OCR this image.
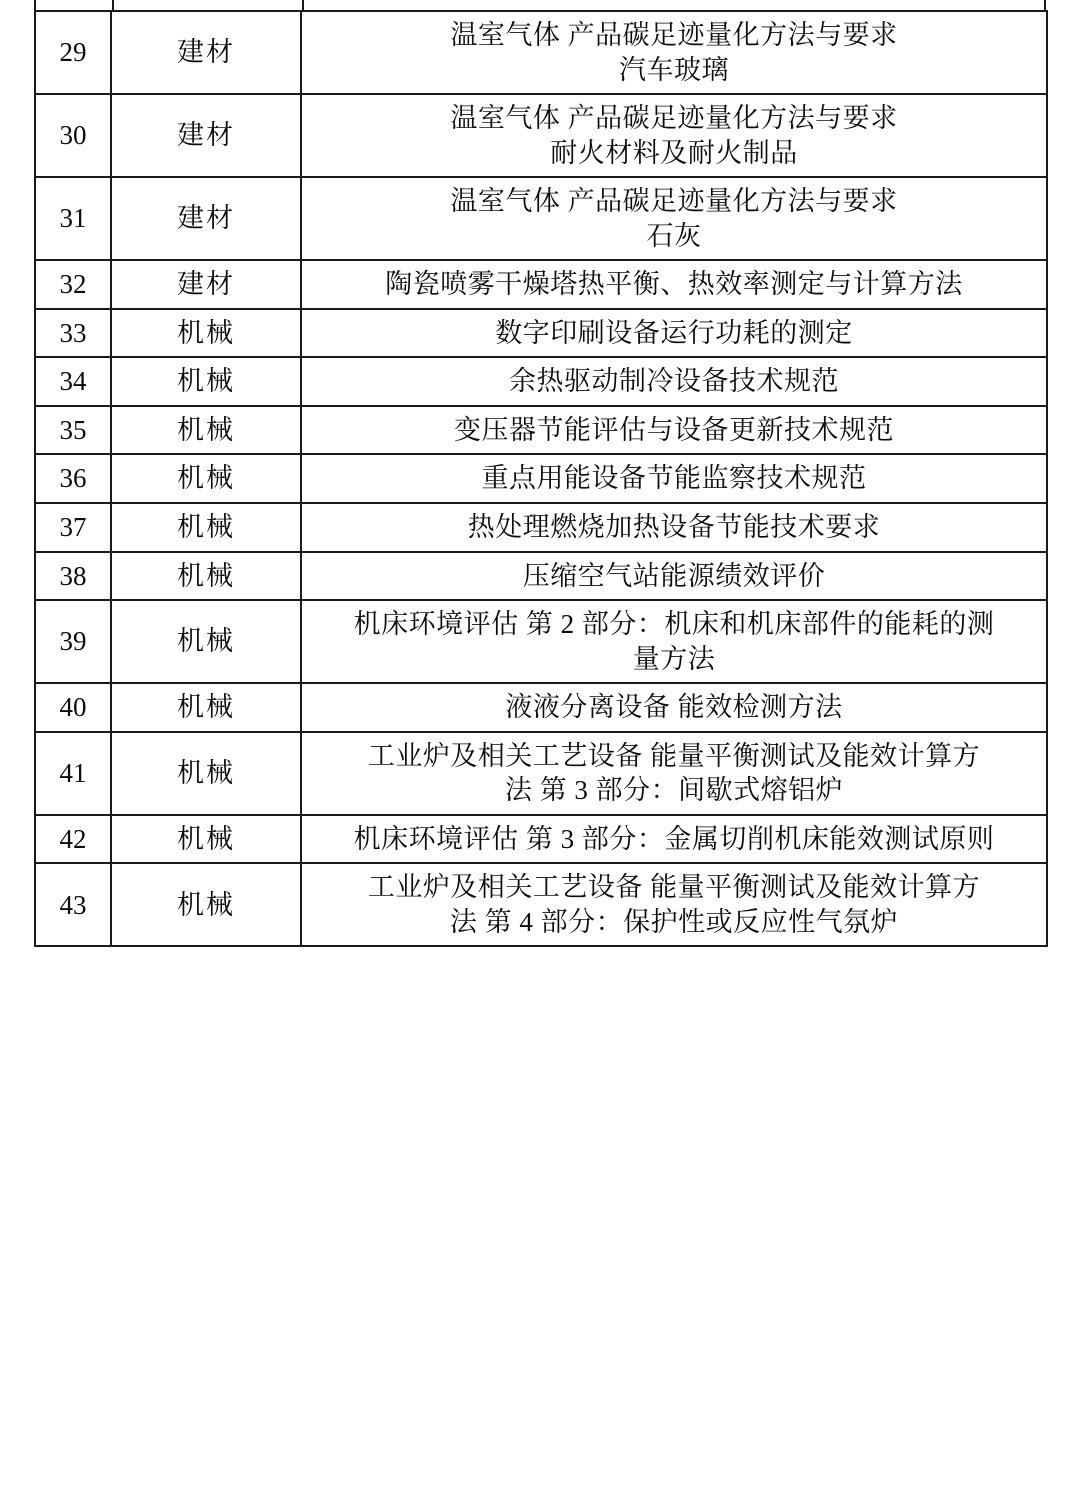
29	建材	温室气体 产品碳足迹量化方法与要求
汽车玻璃

30	建材	温室气体 产品碳足迹量化方法与要求
耐火材料及耐火制品

31	建材	温室气体 产品碳足迹量化方法与要求
石灰

32	建材	陶瓷喷雾干燥塔热平衡、热效率测定与计算方法

33	机械	数字印刷设备运行功耗的测定

34	机械	余热驱动制冷设备技术规范

35	机械	变压器节能评估与设备更新技术规范

36	机械	重点用能设备节能监察技术规范

37	机械	热处理燃烧加热设备节能技术要求

38	机械	压缩空气站能源绩效评价

39	机械	机床环境评估 第 2 部分：机床和机床部件的能耗的测
量方法

40	机械	液液分离设备 能效检测方法

41	机械	工业炉及相关工艺设备 能量平衡测试及能效计算方
法 第 3 部分：间歇式熔铝炉

42	机械	机床环境评估 第 3 部分：金属切削机床能效测试原则

43	机械	工业炉及相关工艺设备 能量平衡测试及能效计算方
法 第 4 部分：保护性或反应性气氛炉
